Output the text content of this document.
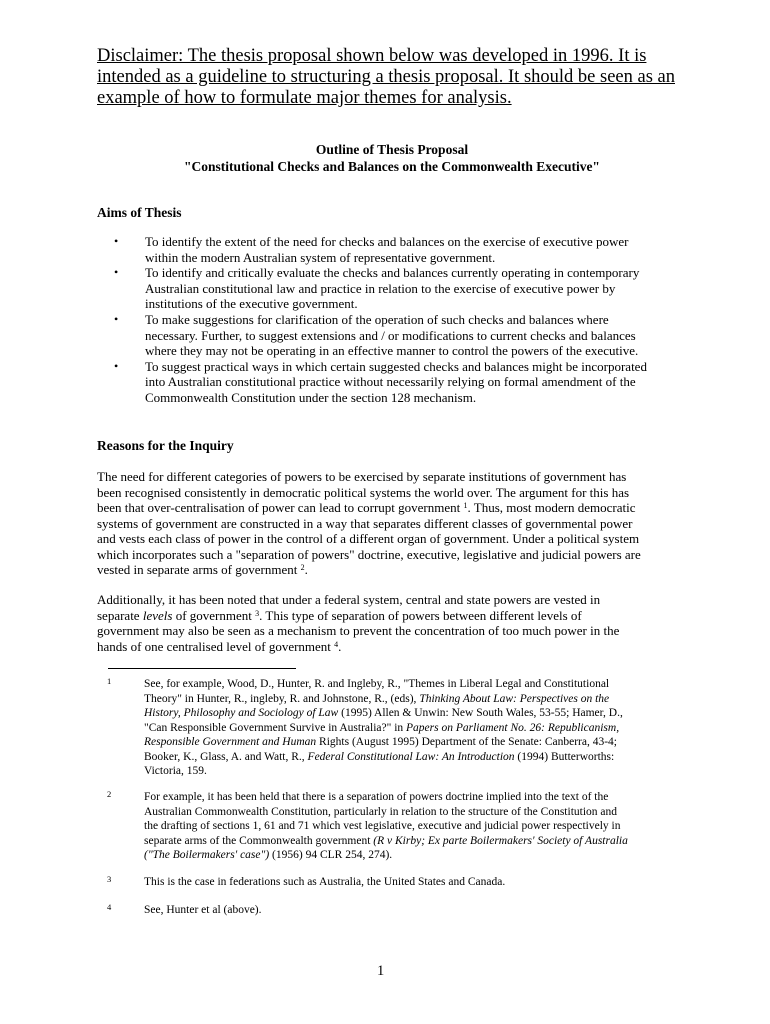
Disclaimer: The thesis proposal shown below was developed in 1996. It is
intended as a guideline to structuring a thesis proposal. It should be seen as an
example of how to formulate major themes for analysis.
Outline of Thesis Proposal
"Constitutional Checks and Balances on the Commonwealth Executive"
Aims of Thesis
• To identify the extent of the need for checks and balances on the exercise of executive power
within the modern Australian system of representative government.
• To identify and critically evaluate the checks and balances currently operating in contemporary
Australian constitutional law and practice in relation to the exercise of executive power by
institutions of the executive government.
• To make suggestions for clarification of the operation of such checks and balances where
necessary. Further, to suggest extensions and / or modifications to current checks and balances
where they may not be operating in an effective manner to control the powers of the executive.
• To suggest practical ways in which certain suggested checks and balances might be incorporated
into Australian constitutional practice without necessarily relying on formal amendment of the
Commonwealth Constitution under the section 128 mechanism.
Reasons for the Inquiry
The need for different categories of powers to be exercised by separate institutions of government has
been recognised consistently in democratic political systems the world over. The argument for this has
been that over-centralisation of power can lead to corrupt government $^1$. Thus, most modern democratic
systems of government are constructed in a way that separates different classes of governmental power
and vests each class of power in the control of a different organ of government. Under a political system
which incorporates such a "separation of powers" doctrine, executive, legislative and judicial powers are
vested in separate arms of government $^2$.
Additionally, it has been noted that under a federal system, central and state powers are vested in
separate levels of government $^3$. This type of separation of powers between different levels of
government may also be seen as a mechanism to prevent the concentration of too much power in the
hands of one centralised level of government $^4$.
1	See, for example, Wood, D., Hunter, R. and Ingleby, R., "Themes in Liberal Legal and Constitutional
Theory" in Hunter, R., ingleby, R. and Johnstone, R., (eds), Thinking About Law: Perspectives on the
History, Philosophy and Sociology of Law (1995) Allen & Unwin: New South Wales, 53-55; Hamer, D.,
"Can Responsible Government Survive in Australia?" in Papers on Parliament No. 26: Republicanism,
Responsible Government and Human Rights (August 1995) Department of the Senate: Canberra, 43-4;
Booker, K., Glass, A. and Watt, R., Federal Constitutional Law: An Introduction (1994) Butterworths:
Victoria, 159.
2	For example, it has been held that there is a separation of powers doctrine implied into the text of the
Australian Commonwealth Constitution, particularly in relation to the structure of the Constitution and
the drafting of sections 1, 61 and 71 which vest legislative, executive and judicial power respectively in
separate arms of the Commonwealth government (R v Kirby; Ex parte Boilermakers' Society of Australia
("The Boilermakers' case") (1956) 94 CLR 254, 274).
3	This is the case in federations such as Australia, the United States and Canada.
4	See, Hunter et al (above).
1
